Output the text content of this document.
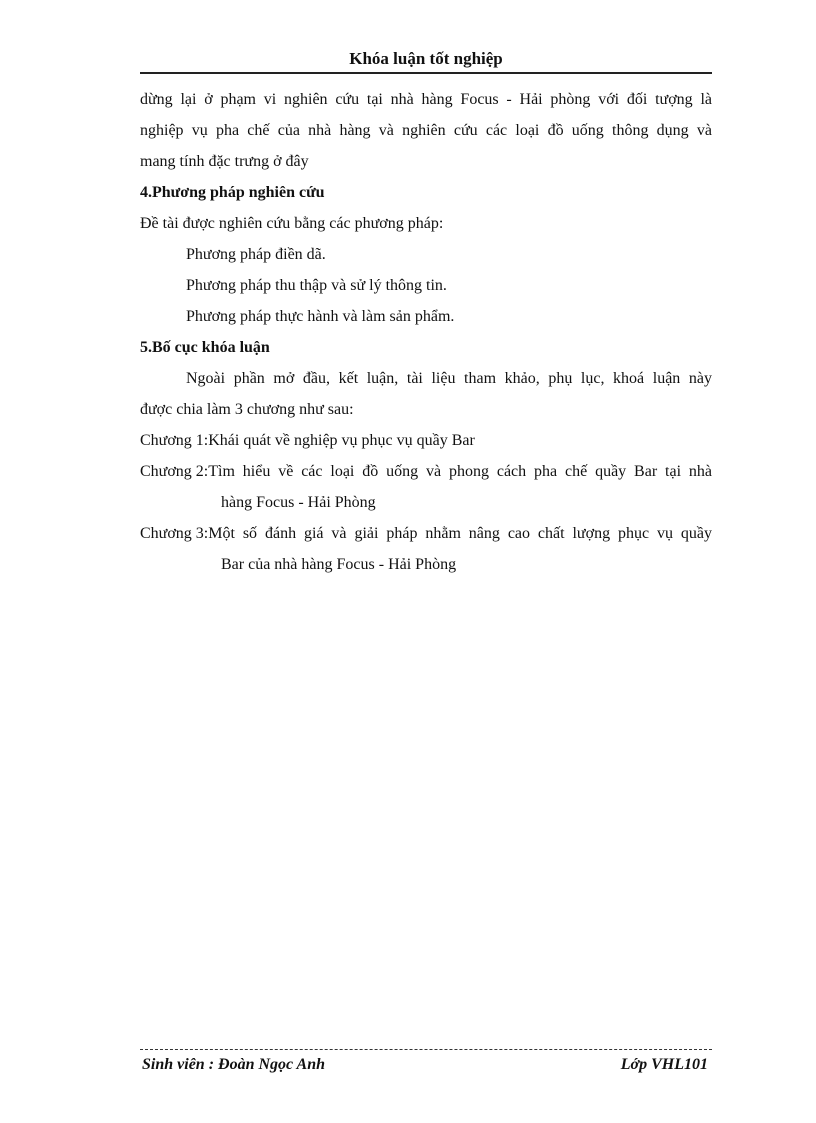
Khóa luận tốt nghiệp
dừng lại ở phạm vi nghiên cứu tại nhà hàng Focus - Hải phòng với đối tượng là
nghiệp vụ pha chế của nhà hàng và nghiên cứu các loại đồ uống thông dụng và
mang tính đặc trưng ở đây
4.Phương pháp nghiên cứu
Đề tài được nghiên cứu bằng các phương pháp:
Phương pháp điền dã.
Phương pháp thu thập và sử lý thông tin.
Phương pháp thực hành và làm sản phẩm.
5.Bố cục khóa luận
Ngoài phần mở đầu, kết luận, tài liệu tham khảo, phụ lục, khoá luận này
được chia làm 3 chương như sau:
Chương 1: Khái quát về nghiệp vụ phục vụ quầy Bar
Chương 2: Tìm hiểu về các loại đồ uống và phong cách pha chế quầy Bar tại nhà
hàng Focus - Hải Phòng
Chương 3: Một số đánh giá và giải pháp nhằm nâng cao chất lượng phục vụ quầy
Bar của nhà hàng Focus - Hải Phòng
Sinh viên : Đoàn Ngọc Anh	Lớp VHL101
